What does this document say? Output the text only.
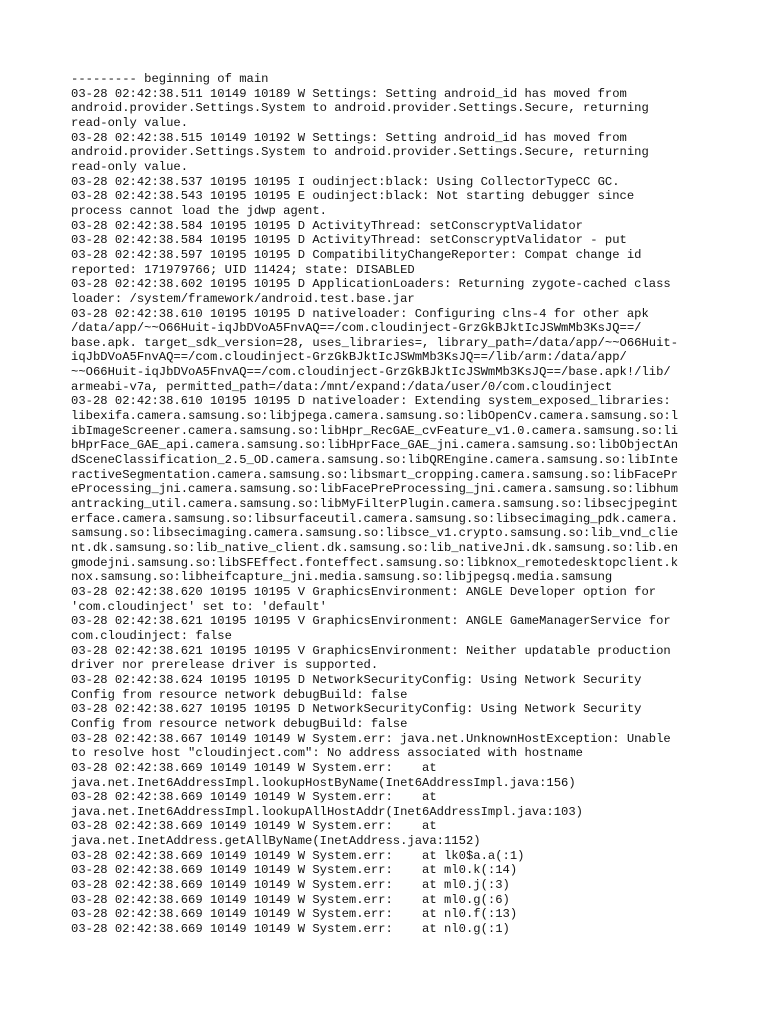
--------- beginning of main
03-28 02:42:38.511 10149 10189 W Settings: Setting android_id has moved from
android.provider.Settings.System to android.provider.Settings.Secure, returning
read-only value.
03-28 02:42:38.515 10149 10192 W Settings: Setting android_id has moved from
android.provider.Settings.System to android.provider.Settings.Secure, returning
read-only value.
03-28 02:42:38.537 10195 10195 I oudinject:black: Using CollectorTypeCC GC.
03-28 02:42:38.543 10195 10195 E oudinject:black: Not starting debugger since
process cannot load the jdwp agent.
03-28 02:42:38.584 10195 10195 D ActivityThread: setConscryptValidator
03-28 02:42:38.584 10195 10195 D ActivityThread: setConscryptValidator - put
03-28 02:42:38.597 10195 10195 D CompatibilityChangeReporter: Compat change id
reported: 171979766; UID 11424; state: DISABLED
03-28 02:42:38.602 10195 10195 D ApplicationLoaders: Returning zygote-cached class
loader: /system/framework/android.test.base.jar
03-28 02:42:38.610 10195 10195 D nativeloader: Configuring clns-4 for other apk
/data/app/~~O66Huit-iqJbDVoA5FnvAQ==/com.cloudinject-GrzGkBJktIcJSWmMb3KsJQ==/
base.apk. target_sdk_version=28, uses_libraries=, library_path=/data/app/~~O66Huit-
iqJbDVoA5FnvAQ==/com.cloudinject-GrzGkBJktIcJSWmMb3KsJQ==/lib/arm:/data/app/
~~O66Huit-iqJbDVoA5FnvAQ==/com.cloudinject-GrzGkBJktIcJSWmMb3KsJQ==/base.apk!/lib/
armeabi-v7a, permitted_path=/data:/mnt/expand:/data/user/0/com.cloudinject
03-28 02:42:38.610 10195 10195 D nativeloader: Extending system_exposed_libraries:
libexifa.camera.samsung.so:libjpega.camera.samsung.so:libOpenCv.camera.samsung.so:l
ibImageScreener.camera.samsung.so:libHpr_RecGAE_cvFeature_v1.0.camera.samsung.so:li
bHprFace_GAE_api.camera.samsung.so:libHprFace_GAE_jni.camera.samsung.so:libObjectAn
dSceneClassification_2.5_OD.camera.samsung.so:libQREngine.camera.samsung.so:libInte
ractiveSegmentation.camera.samsung.so:libsmart_cropping.camera.samsung.so:libFacePr
eProcessing_jni.camera.samsung.so:libFacePreProcessing_jni.camera.samsung.so:libhum
antracking_util.camera.samsung.so:libMyFilterPlugin.camera.samsung.so:libsecjpegint
erface.camera.samsung.so:libsurfaceutil.camera.samsung.so:libsecimaging_pdk.camera.
samsung.so:libsecimaging.camera.samsung.so:libsce_v1.crypto.samsung.so:lib_vnd_clie
nt.dk.samsung.so:lib_native_client.dk.samsung.so:lib_nativeJni.dk.samsung.so:lib.en
gmodejni.samsung.so:libSFEffect.fonteffect.samsung.so:libknox_remotedesktopclient.k
nox.samsung.so:libheifcapture_jni.media.samsung.so:libjpegsq.media.samsung
03-28 02:42:38.620 10195 10195 V GraphicsEnvironment: ANGLE Developer option for
'com.cloudinject' set to: 'default'
03-28 02:42:38.621 10195 10195 V GraphicsEnvironment: ANGLE GameManagerService for
com.cloudinject: false
03-28 02:42:38.621 10195 10195 V GraphicsEnvironment: Neither updatable production
driver nor prerelease driver is supported.
03-28 02:42:38.624 10195 10195 D NetworkSecurityConfig: Using Network Security
Config from resource network debugBuild: false
03-28 02:42:38.627 10195 10195 D NetworkSecurityConfig: Using Network Security
Config from resource network debugBuild: false
03-28 02:42:38.667 10149 10149 W System.err: java.net.UnknownHostException: Unable
to resolve host "cloudinject.com": No address associated with hostname
03-28 02:42:38.669 10149 10149 W System.err:    at
java.net.Inet6AddressImpl.lookupHostByName(Inet6AddressImpl.java:156)
03-28 02:42:38.669 10149 10149 W System.err:    at
java.net.Inet6AddressImpl.lookupAllHostAddr(Inet6AddressImpl.java:103)
03-28 02:42:38.669 10149 10149 W System.err:    at
java.net.InetAddress.getAllByName(InetAddress.java:1152)
03-28 02:42:38.669 10149 10149 W System.err:    at lk0$a.a(:1)
03-28 02:42:38.669 10149 10149 W System.err:    at ml0.k(:14)
03-28 02:42:38.669 10149 10149 W System.err:    at ml0.j(:3)
03-28 02:42:38.669 10149 10149 W System.err:    at ml0.g(:6)
03-28 02:42:38.669 10149 10149 W System.err:    at nl0.f(:13)
03-28 02:42:38.669 10149 10149 W System.err:    at nl0.g(:1)
